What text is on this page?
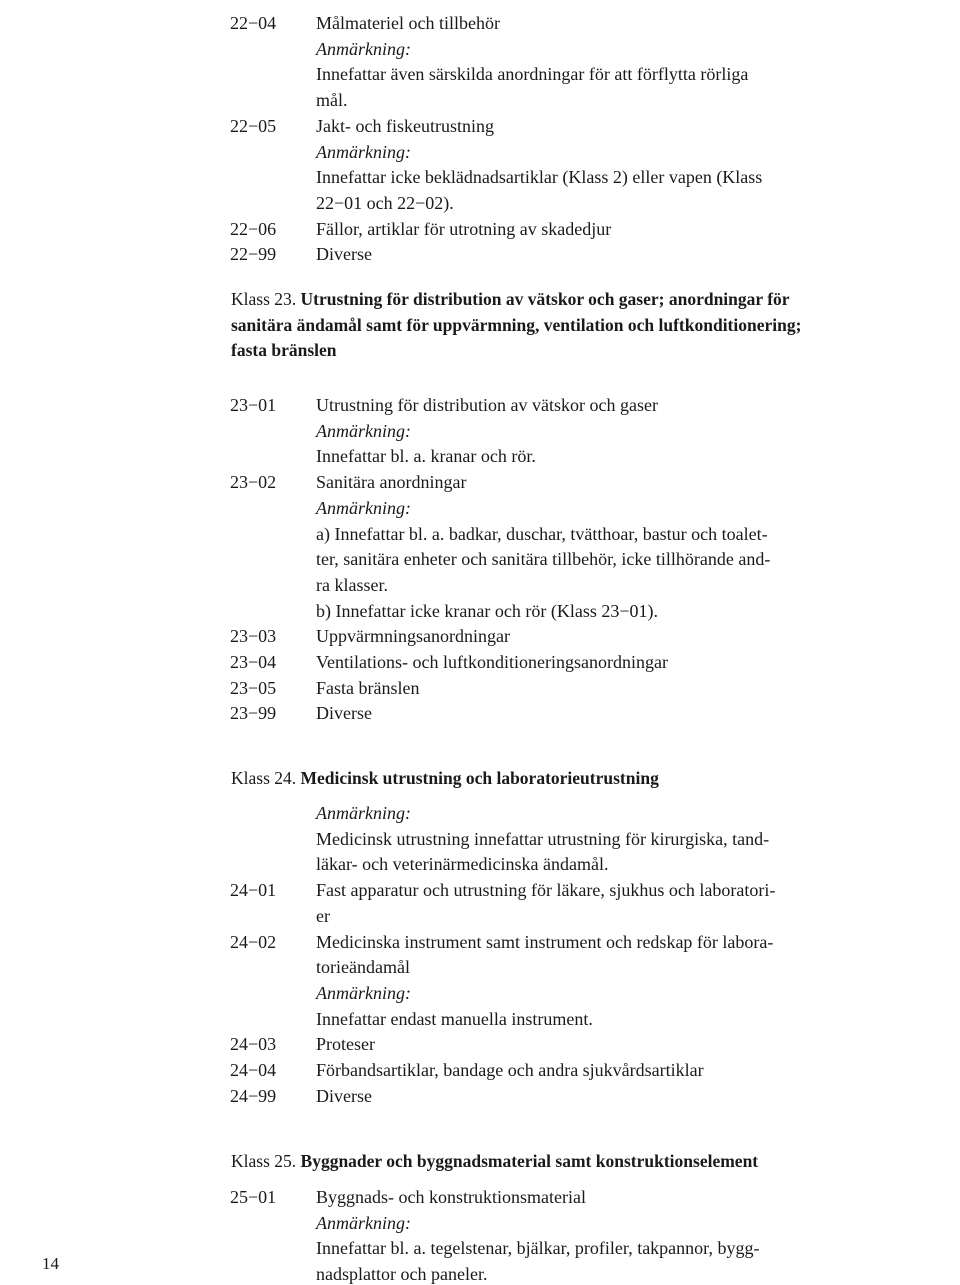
14
22−04	Målmateriel och tillbehör
Anmärkning:
Innefattar även särskilda anordningar för att förflytta rörliga
mål.
22−05	Jakt- och fiskeutrustning
Anmärkning:
Innefattar icke beklädnadsartiklar (Klass 2) eller vapen (Klass
22−01 och 22−02).
22−06	Fällor, artiklar för utrotning av skadedjur
22−99	Diverse
Klass 23. Utrustning för distribution av vätskor och gaser; anordningar för
sanitära ändamål samt för uppvärmning, ventilation och luftkonditionering;
fasta bränslen
23−01	Utrustning för distribution av vätskor och gaser
Anmärkning:
Innefattar bl. a. kranar och rör.
23−02	Sanitära anordningar
Anmärkning:
a) Innefattar bl. a. badkar, duschar, tvätthoar, bastur och toalet-
ter, sanitära enheter och sanitära tillbehör, icke tillhörande and-
ra klasser.
b) Innefattar icke kranar och rör (Klass 23−01).
23−03	Uppvärmningsanordningar
23−04	Ventilations- och luftkonditioneringsanordningar
23−05	Fasta bränslen
23−99	Diverse
Klass 24. Medicinsk utrustning och laboratorieutrustning
Anmärkning:
Medicinsk utrustning innefattar utrustning för kirurgiska, tand-
läkar- och veterinärmedicinska ändamål.
24−01	Fast apparatur och utrustning för läkare, sjukhus och laboratori-
er
24−02	Medicinska instrument samt instrument och redskap för labora-
torieändamål
Anmärkning:
Innefattar endast manuella instrument.
24−03	Proteser
24−04	Förbandsartiklar, bandage och andra sjukvårdsartiklar
24−99	Diverse
Klass 25. Byggnader och byggnadsmaterial samt konstruktionselement
25−01	Byggnads- och konstruktionsmaterial
Anmärkning:
Innefattar bl. a. tegelstenar, bjälkar, profiler, takpannor, bygg-
nadsplattor och paneler.
